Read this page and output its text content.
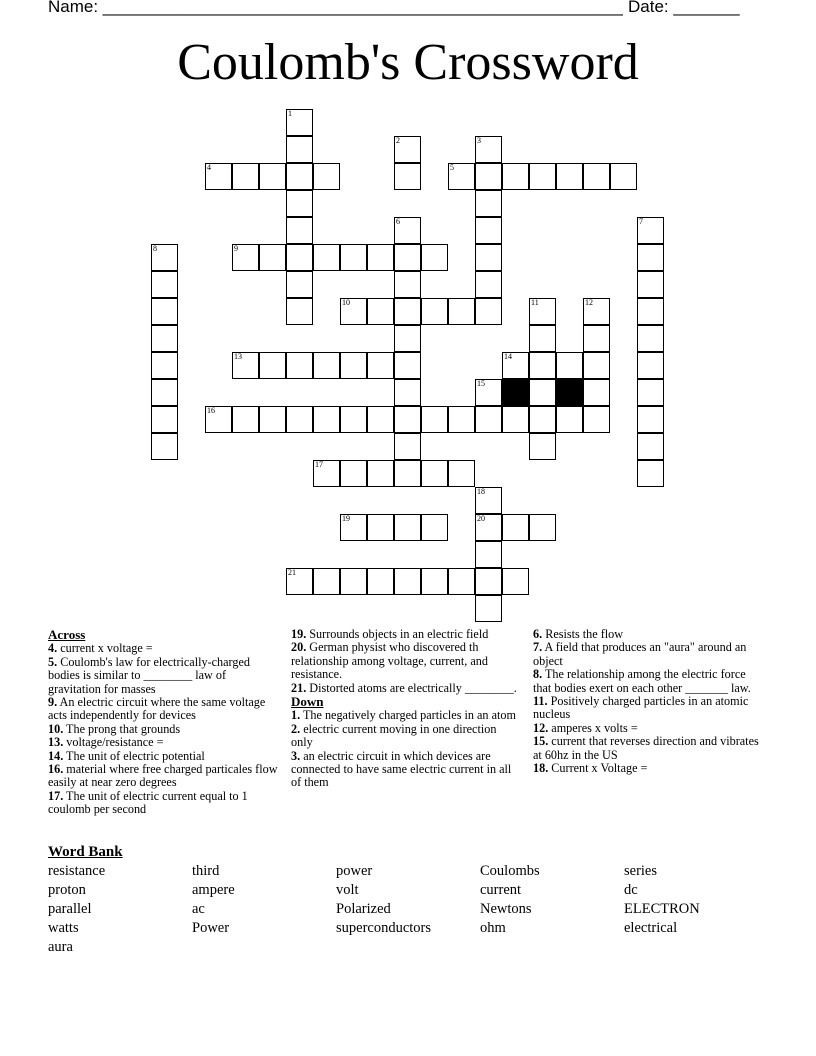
Name: _______________________________________________________ Date: _______
Coulomb's Crossword
4	5
9
10
13	14
16
17
19	20
21
1
2	3
6	7
8
11	12
15
18
Across
4. current x voltage =
5. Coulomb's law for electrically-charged bodies is similar to ________ law of gravitation for masses
9. An electric circuit where the same voltage acts independently for devices
10. The prong that grounds
13. voltage/resistance =
14. The unit of electric potential
16. material where free charged particales flow easily at near zero degrees
17. The unit of electric current equal to 1 coulomb per second
19. Surrounds objects in an electric field
20. German physist who discovered th relationship among voltage, current, and resistance.
21. Distorted atoms are electrically ________.
Down
1. The negatively charged particles in an atom
2. electric current moving in one direction only
3. an electric circuit in which devices are connected to have same electric current in all of them
6. Resists the flow
7. A field that produces an "aura" around an object
8. The relationship among the electric force that bodies exert on each other _______ law.
11. Positively charged particles in an atomic nucleus
12. amperes x volts =
15. current that reverses direction and vibrates at 60hz in the US
18. Current x Voltage =
Word Bank
resistance	third	power	Coulombs	series
proton	ampere	volt	current	dc
parallel	ac	Polarized	Newtons	ELECTRON
watts	Power	superconductors	ohm	electrical
aura
